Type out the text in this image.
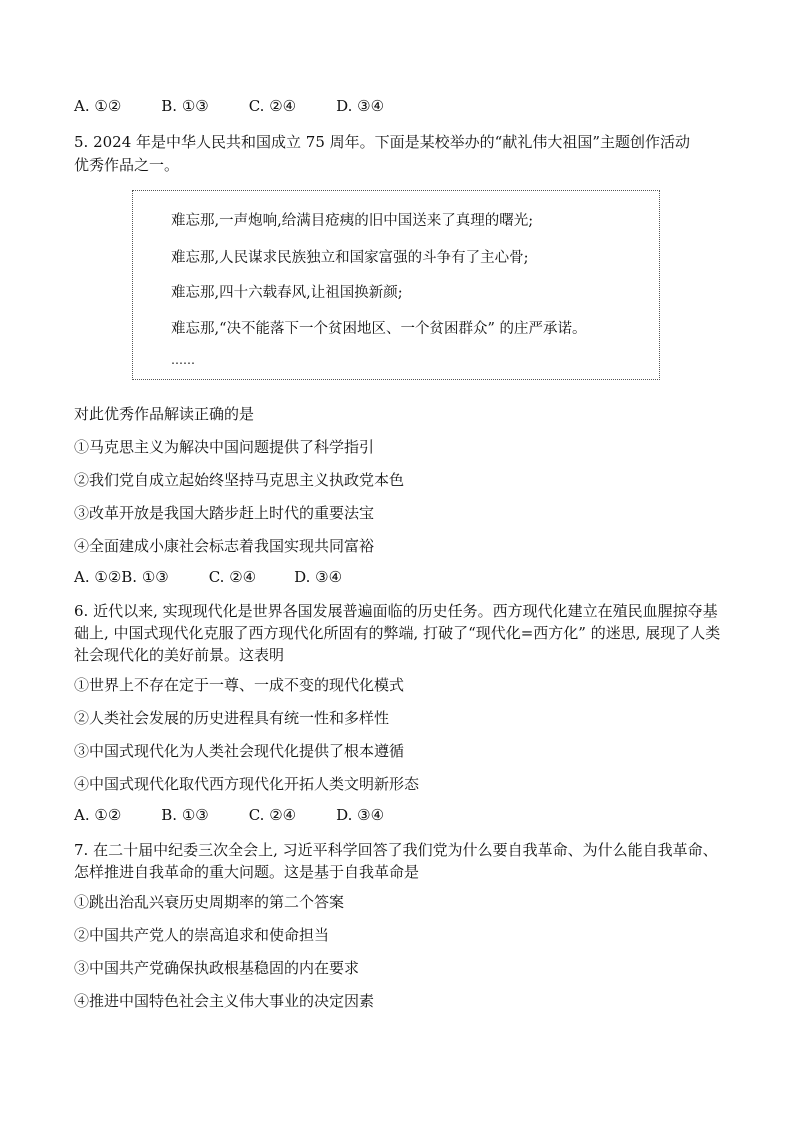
A. ①②	B. ①③	C. ②④	D. ③④
5. 2024 年是中华人民共和国成立 75 周年。下面是某校举办的“献礼伟大祖国”主题创作活动
优秀作品之一。
难忘那,一声炮响,给满目疮痍的旧中国送来了真理的曙光;
难忘那,人民谋求民族独立和国家富强的斗争有了主心骨;
难忘那,四十六载春风,让祖国换新颜;
难忘那,“决不能落下一个贫困地区、一个贫困群众” 的庄严承诺。
……
对此优秀作品解读正确的是
①马克思主义为解决中国问题提供了科学指引
②我们党自成立起始终坚持马克思主义执政党本色
③改革开放是我国大踏步赶上时代的重要法宝
④全面建成小康社会标志着我国实现共同富裕
A. ①②B. ①③	C. ②④	D. ③④
6. 近代以来, 实现现代化是世界各国发展普遍面临的历史任务。西方现代化建立在殖民血腥掠夺基础上, 中国式现代化克服了西方现代化所固有的弊端, 打破了“现代化=西方化” 的迷思, 展现了人类社会现代化的美好前景。这表明
①世界上不存在定于一尊、一成不变的现代化模式
②人类社会发展的历史进程具有统一性和多样性
③中国式现代化为人类社会现代化提供了根本遵循
④中国式现代化取代西方现代化开拓人类文明新形态
A. ①②	B. ①③	C. ②④	D. ③④
7. 在二十届中纪委三次全会上, 习近平科学回答了我们党为什么要自我革命、为什么能自我革命、怎样推进自我革命的重大问题。这是基于自我革命是
①跳出治乱兴衰历史周期率的第二个答案
②中国共产党人的崇高追求和使命担当
③中国共产党确保执政根基稳固的内在要求
④推进中国特色社会主义伟大事业的决定因素
